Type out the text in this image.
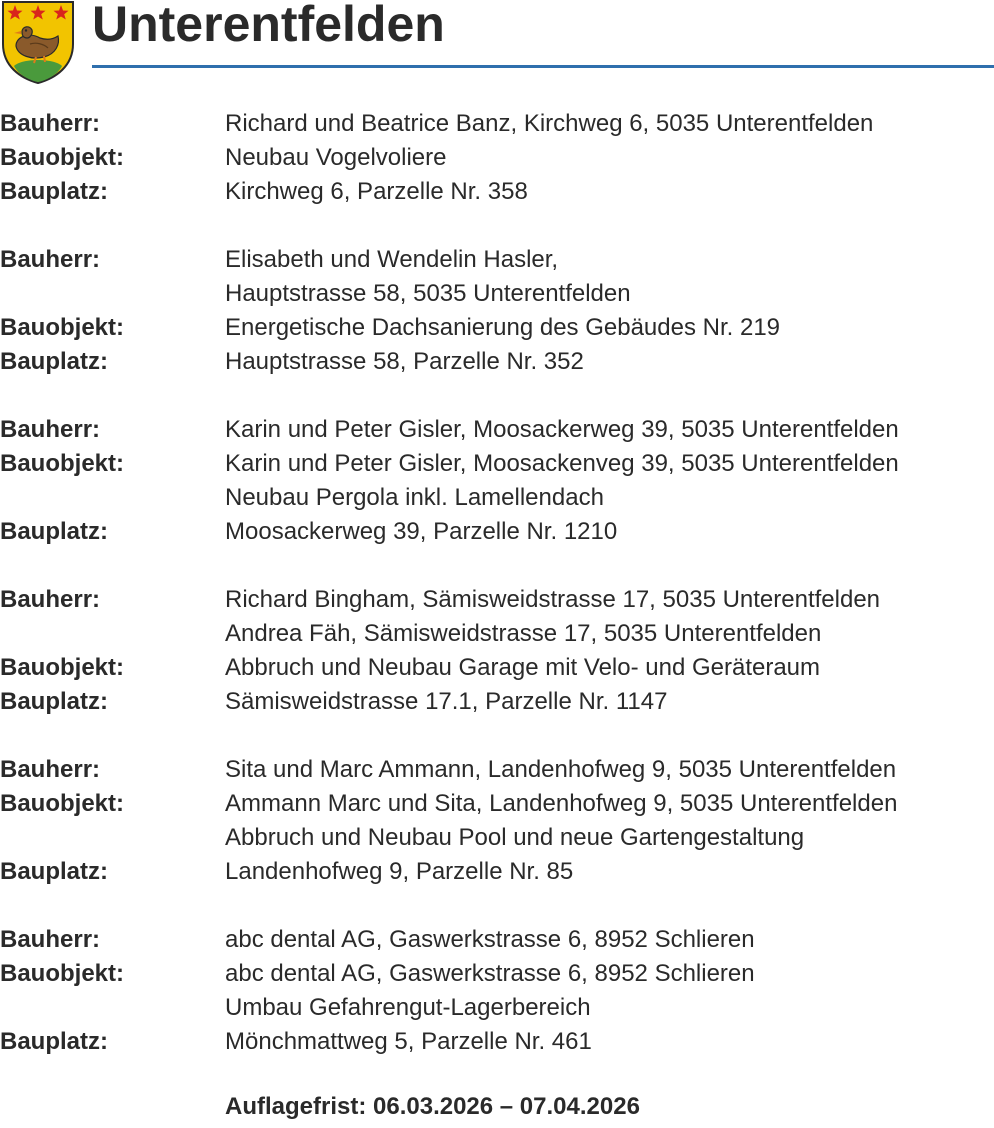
Unterentfelden
Bauherr:	Richard und Beatrice Banz, Kirchweg 6, 5035 Unterentfelden
Bauobjekt:	Neubau Vogelvoliere
Bauplatz:	Kirchweg 6, Parzelle Nr. 358
Bauherr:	Elisabeth und Wendelin Hasler,
Hauptstrasse 58, 5035 Unterentfelden
Bauobjekt:	Energetische Dachsanierung des Gebäudes Nr. 219
Bauplatz:	Hauptstrasse 58, Parzelle Nr. 352
Bauherr:	Karin und Peter Gisler, Moosackerweg 39, 5035 Unterentfelden
Bauobjekt:	Karin und Peter Gisler, Moosackenveg 39, 5035 Unterentfelden
Neubau Pergola inkl. Lamellendach
Bauplatz:	Moosackerweg 39, Parzelle Nr. 1210
Bauherr:	Richard Bingham, Sämisweidstrasse 17, 5035 Unterentfelden
Andrea Fäh, Sämisweidstrasse 17, 5035 Unterentfelden
Bauobjekt:	Abbruch und Neubau Garage mit Velo- und Geräteraum
Bauplatz:	Sämisweidstrasse 17.1, Parzelle Nr. 1147
Bauherr:	Sita und Marc Ammann, Landenhofweg 9, 5035 Unterentfelden
Bauobjekt:	Ammann Marc und Sita, Landenhofweg 9, 5035 Unterentfelden
Abbruch und Neubau Pool und neue Gartengestaltung
Bauplatz:	Landenhofweg 9, Parzelle Nr. 85
Bauherr:	abc dental AG, Gaswerkstrasse 6, 8952 Schlieren
Bauobjekt:	abc dental AG, Gaswerkstrasse 6, 8952 Schlieren
Umbau Gefahrengut-Lagerbereich
Bauplatz:	Mönchmattweg 5, Parzelle Nr. 461
Auflagefrist: 06.03.2026 – 07.04.2026
